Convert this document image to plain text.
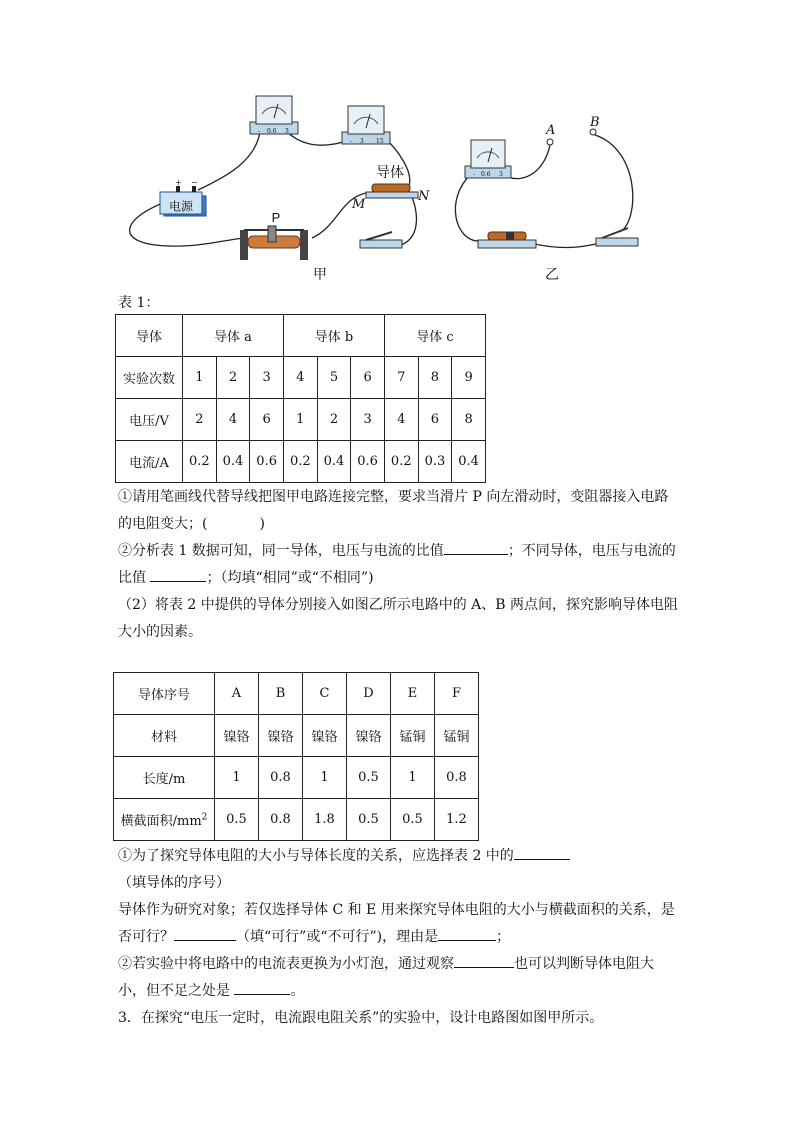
- 0.6 3
- 3 15
电源
+ −
P
导体
M
N
- 0.6 3
A
B
甲	乙
表 1：
导体	导体 a			导体 b			导体 c		
实验次数	1	2	3	4	5	6	7	8	9
电压/V	2	4	6	1	2	3	4	6	8
电流/A	0.2	0.4	0.6	0.2	0.4	0.6	0.2	0.3	0.4
①请用笔画线代替导线把图甲电路连接完整，要求当滑片 P 向左滑动时，变阻器接入电路
的电阻变大；(	)
②分析表 1 数据可知，同一导体，电压与电流的比值	；不同导体，电压与电流的
比值	；（均填“相同”或“不相同”)
（2）将表 2 中提供的导体分别接入如图乙所示电路中的 A、B 两点间，探究影响导体电阻
大小的因素。
导体序号	A	B	C	D	E	F
材料	镍铬	镍铬	镍铬	镍铬	锰铜	锰铜
长度/m	1	0.8	1	0.5	1	0.8
横截面积$/mm^2$	0.5	0.8	1.8	0.5	0.5	1.2
①为了探究导体电阻的大小与导体长度的关系，应选择表 2 中的（填导体的序号）
导体作为研究对象；若仅选择导体 C 和 E 用来探究导体电阻的大小与横截面积的关系，是
否可行？	（填“可行”或“不可行”)，理由是	；
②若实验中将电路中的电流表更换为小灯泡，通过观察	也可以判断导体电阻大
小，但不足之处是	。
3．在探究“电压一定时，电流跟电阻关系”的实验中，设计电路图如图甲所示。
